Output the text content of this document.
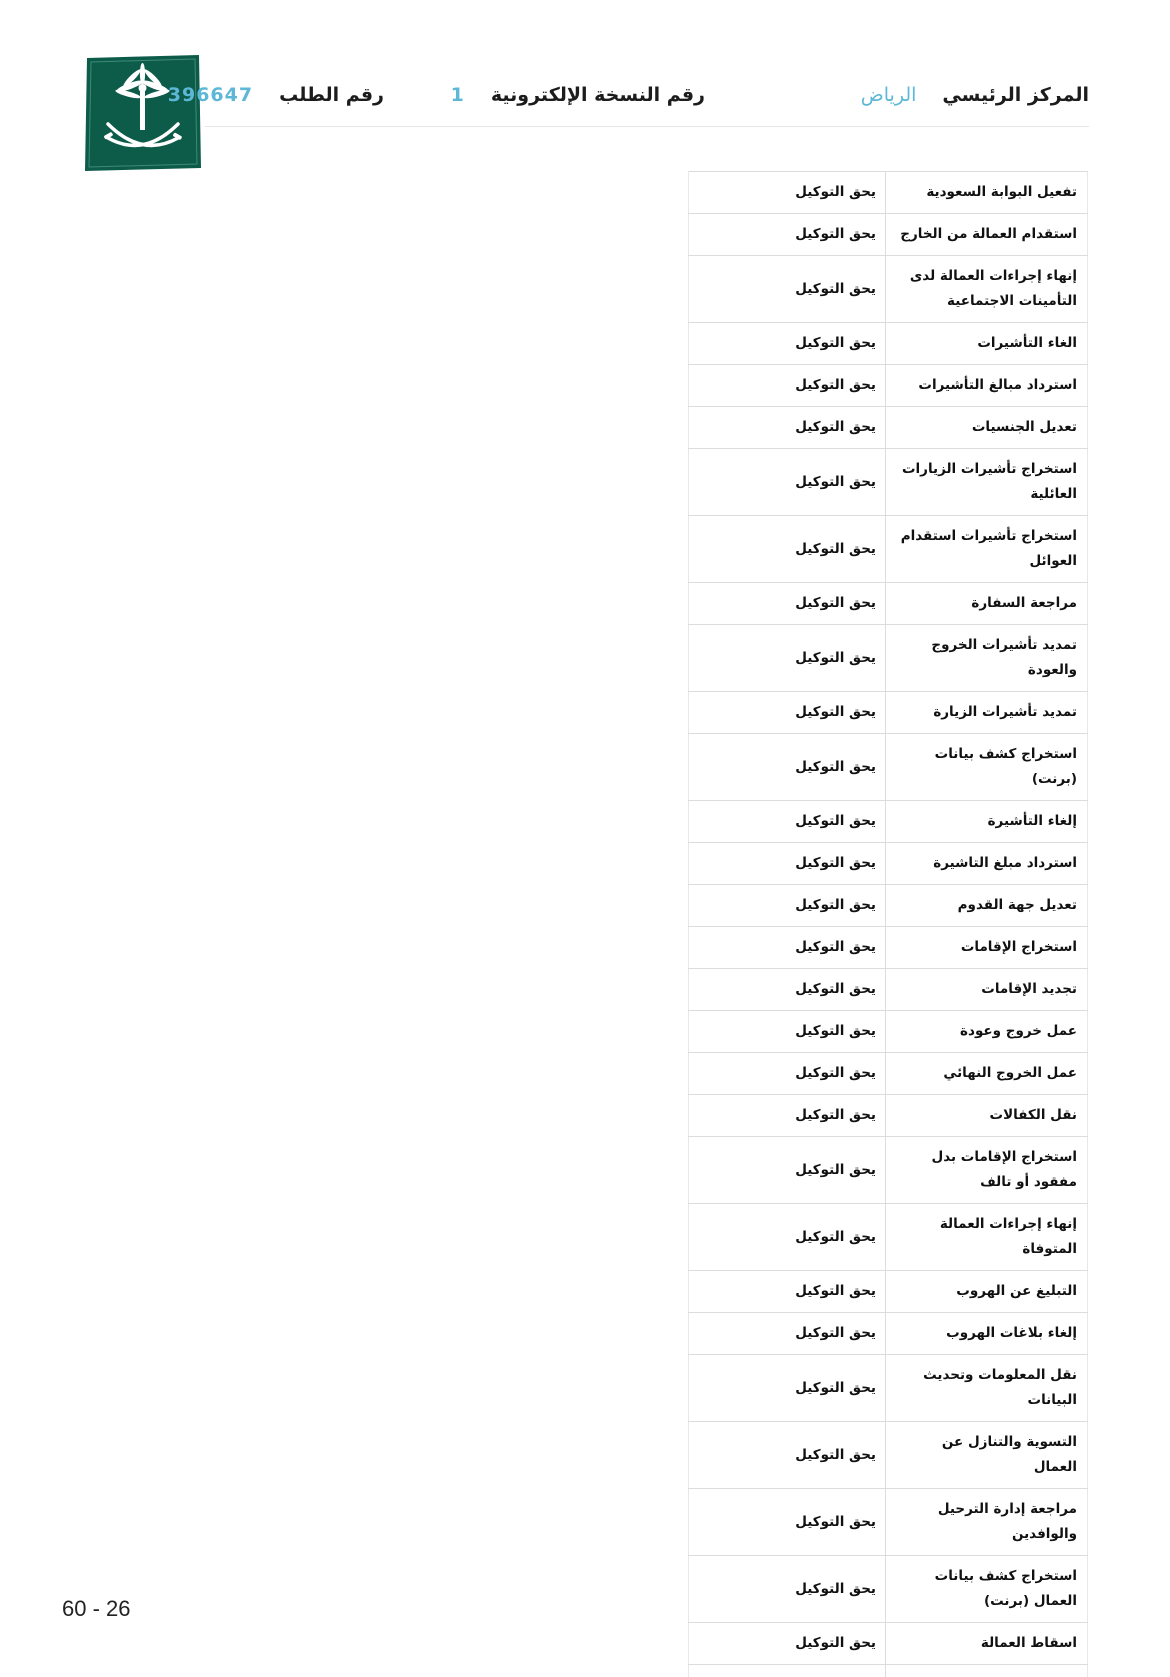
المركز الرئيسي
الرياض
رقم النسخة الإلكترونية
1
رقم الطلب
396647
تفعيل البوابة السعودية	يحق التوكيل
استقدام العمالة من الخارج	يحق التوكيل
إنهاء إجراءات العمالة لدى التأمينات الاجتماعية	يحق التوكيل
الغاء التأشيرات	يحق التوكيل
استرداد مبالغ التأشيرات	يحق التوكيل
تعديل الجنسيات	يحق التوكيل
استخراج تأشيرات الزيارات العائلية	يحق التوكيل
استخراج تأشيرات استقدام العوائل	يحق التوكيل
مراجعة السفارة	يحق التوكيل
تمديد تأشيرات الخروج والعودة	يحق التوكيل
تمديد تأشيرات الزيارة	يحق التوكيل
استخراج كشف بيانات (برنت)	يحق التوكيل
إلغاء التأشيرة	يحق التوكيل
استرداد مبلغ التاشيرة	يحق التوكيل
تعديل جهة القدوم	يحق التوكيل
استخراج الإقامات	يحق التوكيل
تجديد الإقامات	يحق التوكيل
عمل خروج وعودة	يحق التوكيل
عمل الخروج النهائي	يحق التوكيل
نقل الكفالات	يحق التوكيل
استخراج الإقامات بدل مفقود أو تالف	يحق التوكيل
إنهاء إجراءات العمالة المتوفاة	يحق التوكيل
التبليغ عن الهروب	يحق التوكيل
إلغاء بلاغات الهروب	يحق التوكيل
نقل المعلومات وتحديث البيانات	يحق التوكيل
التسوية والتنازل عن العمال	يحق التوكيل
مراجعة إدارة الترحيل والوافدين	يحق التوكيل
استخراج كشف بيانات العمال (برنت)	يحق التوكيل
اسقاط العمالة	يحق التوكيل

60 - 26
